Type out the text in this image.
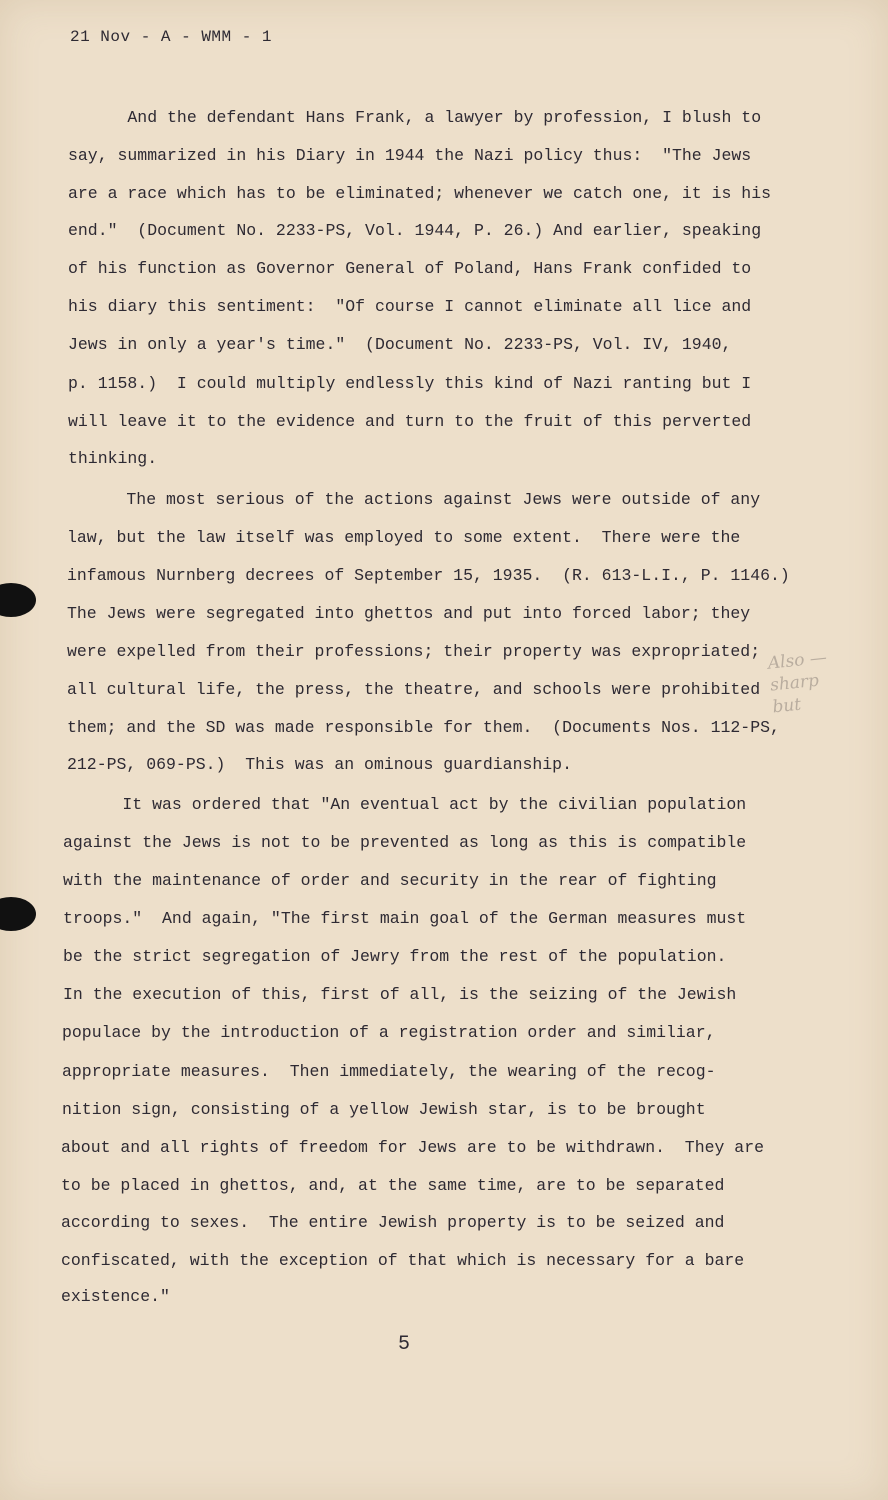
21 Nov - A - WMM - 1
And the defendant Hans Frank, a lawyer by profession, I blush to
say, summarized in his Diary in 1944 the Nazi policy thus:  "The Jews
are a race which has to be eliminated; whenever we catch one, it is his
end."  (Document No. 2233-PS, Vol. 1944, P. 26.) And earlier, speaking
of his function as Governor General of Poland, Hans Frank confided to
his diary this sentiment:  "Of course I cannot eliminate all lice and
Jews in only a year's time."  (Document No. 2233-PS, Vol. IV, 1940,
p. 1158.)  I could multiply endlessly this kind of Nazi ranting but I
will leave it to the evidence and turn to the fruit of this perverted
thinking.
The most serious of the actions against Jews were outside of any
law, but the law itself was employed to some extent.  There were the
infamous Nurnberg decrees of September 15, 1935.  (R. 613-L.I., P. 1146.)
The Jews were segregated into ghettos and put into forced labor; they
were expelled from their professions; their property was expropriated;
all cultural life, the press, the theatre, and schools were prohibited
them; and the SD was made responsible for them.  (Documents Nos. 112-PS,
212-PS, 069-PS.)  This was an ominous guardianship.
It was ordered that "An eventual act by the civilian population
against the Jews is not to be prevented as long as this is compatible
with the maintenance of order and security in the rear of fighting
troops."  And again, "The first main goal of the German measures must
be the strict segregation of Jewry from the rest of the population.
In the execution of this, first of all, is the seizing of the Jewish
populace by the introduction of a registration order and similiar,
appropriate measures.  Then immediately, the wearing of the recog-
nition sign, consisting of a yellow Jewish star, is to be brought
about and all rights of freedom for Jews are to be withdrawn.  They are
to be placed in ghettos, and, at the same time, are to be separated
according to sexes.  The entire Jewish property is to be seized and
confiscated, with the exception of that which is necessary for a bare
existence."
Also —
sharp
but
5
